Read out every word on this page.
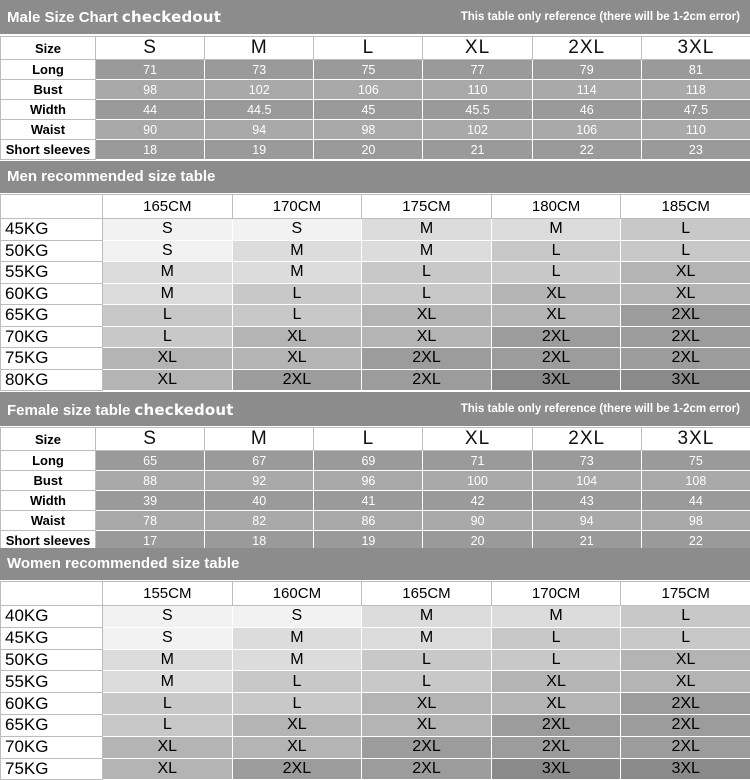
Male Size Chart checkedout	This table only reference (there will be 1-2cm error)
Size	S	M	L	XL	2XL	3XL
Long	71	73	75	77	79	81
Bust	98	102	106	110	114	118
Width	44	44.5	45	45.5	46	47.5
Waist	90	94	98	102	106	110
Short sleeves	18	19	20	21	22	23
Men recommended size table
	165CM	170CM	175CM	180CM	185CM
45KG	S	S	M	M	L
50KG	S	M	M	L	L
55KG	M	M	L	L	XL
60KG	M	L	L	XL	XL
65KG	L	L	XL	XL	2XL
70KG	L	XL	XL	2XL	2XL
75KG	XL	XL	2XL	2XL	2XL
80KG	XL	2XL	2XL	3XL	3XL
Female size table checkedout	This table only reference (there will be 1-2cm error)
Size	S	M	L	XL	2XL	3XL
Long	65	67	69	71	73	75
Bust	88	92	96	100	104	108
Width	39	40	41	42	43	44
Waist	78	82	86	90	94	98
Short sleeves	17	18	19	20	21	22
Women recommended size table
	155CM	160CM	165CM	170CM	175CM
40KG	S	S	M	M	L
45KG	S	M	M	L	L
50KG	M	M	L	L	XL
55KG	M	L	L	XL	XL
60KG	L	L	XL	XL	2XL
65KG	L	XL	XL	2XL	2XL
70KG	XL	XL	2XL	2XL	2XL
75KG	XL	2XL	2XL	3XL	3XL
